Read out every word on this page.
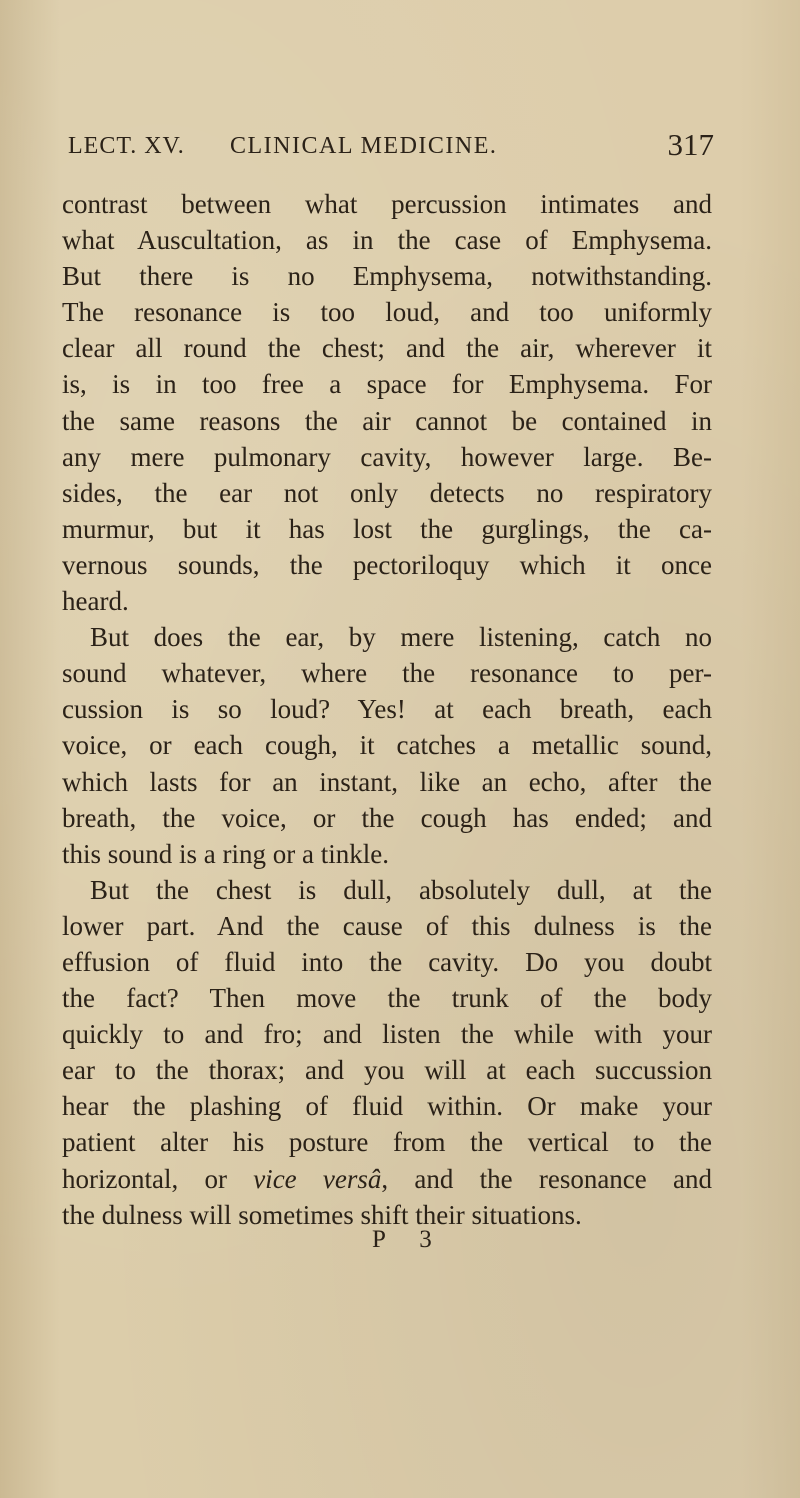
LECT. XV. CLINICAL MEDICINE.	317
contrast between what percussion intimates and
what Auscultation, as in the case of Emphysema.
But there is no Emphysema, notwithstanding.
The resonance is too loud, and too uniformly
clear all round the chest; and the air, wherever it
is, is in too free a space for Emphysema. For
the same reasons the air cannot be contained in
any mere pulmonary cavity, however large. Be-
sides, the ear not only detects no respiratory
murmur, but it has lost the gurglings, the ca-
vernous sounds, the pectoriloquy which it once
heard.
But does the ear, by mere listening, catch no
sound whatever, where the resonance to per-
cussion is so loud? Yes! at each breath, each
voice, or each cough, it catches a metallic sound,
which lasts for an instant, like an echo, after the
breath, the voice, or the cough has ended; and
this sound is a ring or a tinkle.
But the chest is dull, absolutely dull, at the
lower part. And the cause of this dulness is the
effusion of fluid into the cavity. Do you doubt
the fact? Then move the trunk of the body
quickly to and fro; and listen the while with your
ear to the thorax; and you will at each succussion
hear the plashing of fluid within. Or make your
patient alter his posture from the vertical to the
horizontal, or vice versâ, and the resonance and
the dulness will sometimes shift their situations.
P 3
